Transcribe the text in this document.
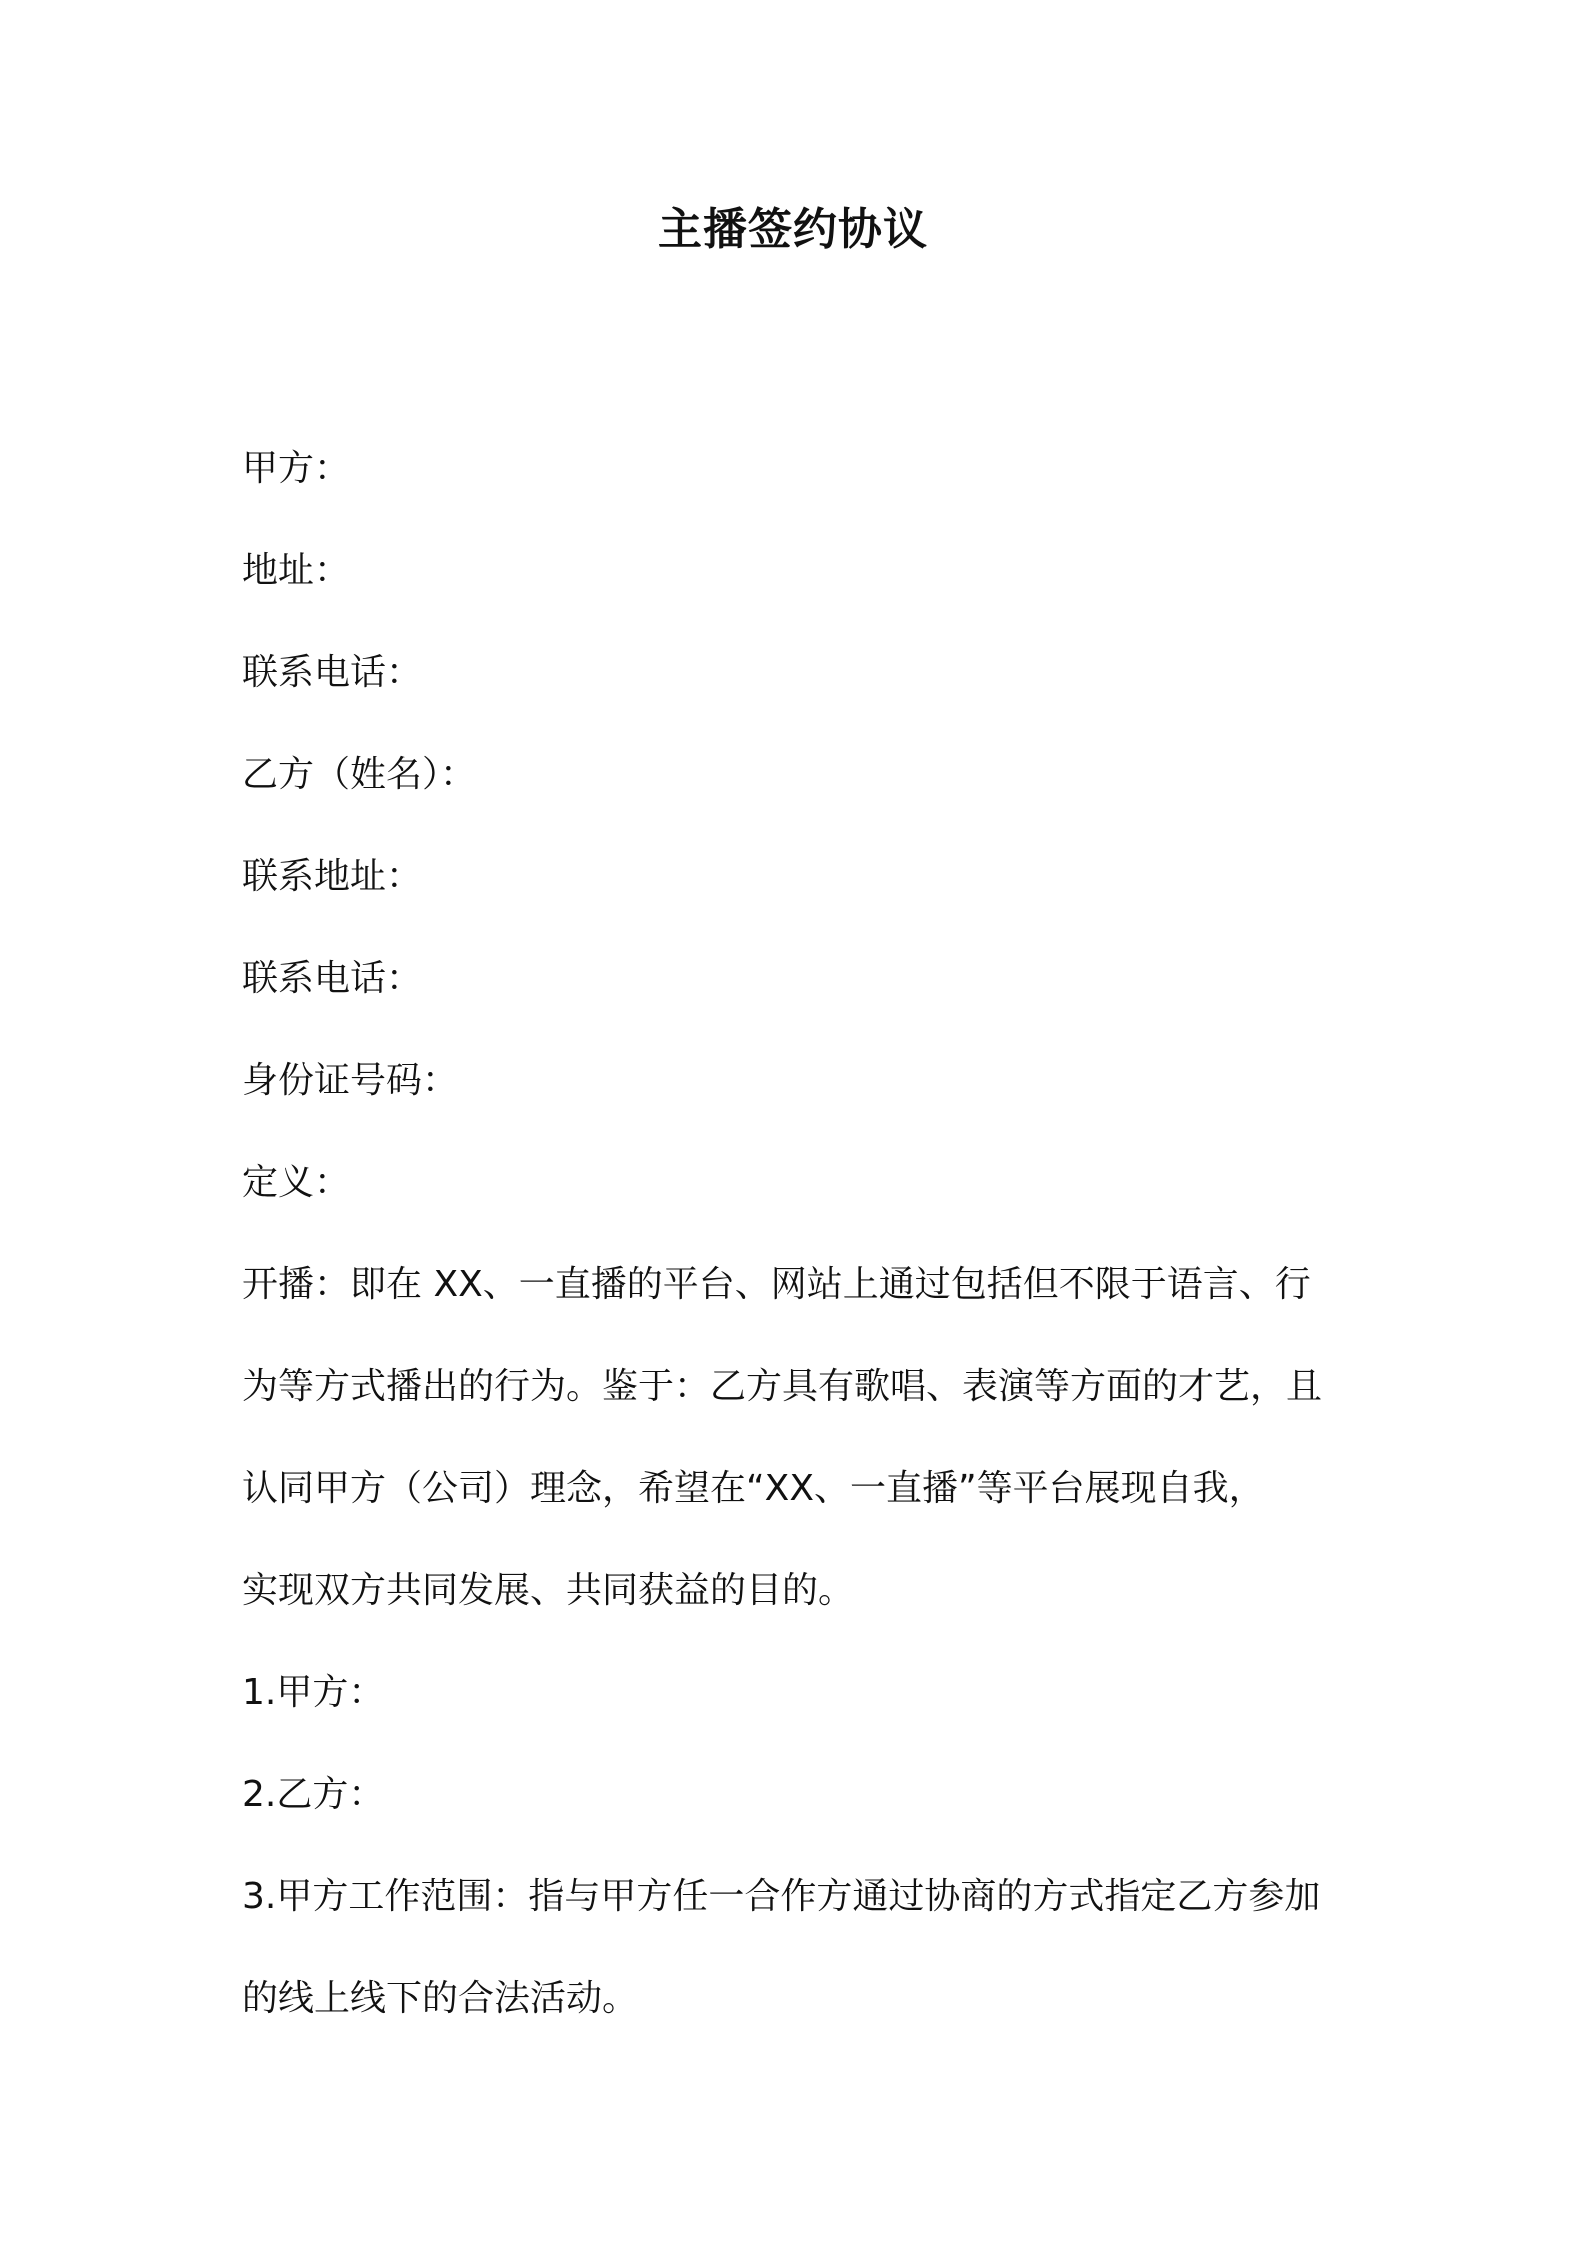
主播签约协议
甲方：
地址：
联系电话：
乙方（姓名）：
联系地址：
联系电话：
身份证号码：
定义：
开播：即在 XX、一直播的平台、网站上通过包括但不限于语言、行
为等方式播出的行为。鉴于：乙方具有歌唱、表演等方面的才艺，且
认同甲方（公司）理念，希望在“XX、一直播”等平台展现自我，
实现双方共同发展、共同获益的目的。
1.甲方：
2.乙方：
3.甲方工作范围：指与甲方任一合作方通过协商的方式指定乙方参加
的线上线下的合法活动。
